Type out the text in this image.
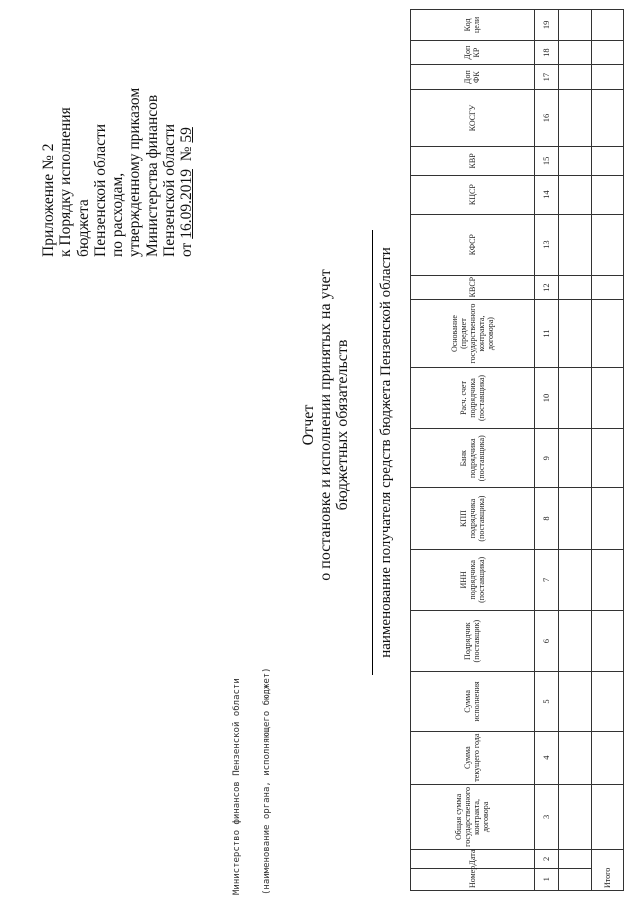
Приложение № 2 к Порядку исполнения бюджета Пензенской области по расходам, утвержденному приказом Министерства финансов Пензенской области от 16.09.2019  № 59
Отчет о постановке и исполнении принятых на учет бюджетных обязательств
Министерство финансов Пензенской области (наименование органа, исполняющего бюджет)
наименование получателя средств бюджета Пензенской области
Номер	Дата	Общая сумма государственного контракта, договора	Сумма текущего года	Сумма исполнения	Подрядчик (поставщик)	ИНН подрядчика (поставщика)	КПП подрядчика (поставщика)	Банк подрядчика (поставщика)	Расч. счет подрядчика (поставщика)	Основание (предмет государственного контракта, договора)	КВСР	КФСР	КЦСР	КВР	КОСГУ	Доп ФК	Доп КР	Код цели
1	2	3	4	5	6	7	8	9	10	11	12	13	14	15	16	17	18	19

Итого																		
